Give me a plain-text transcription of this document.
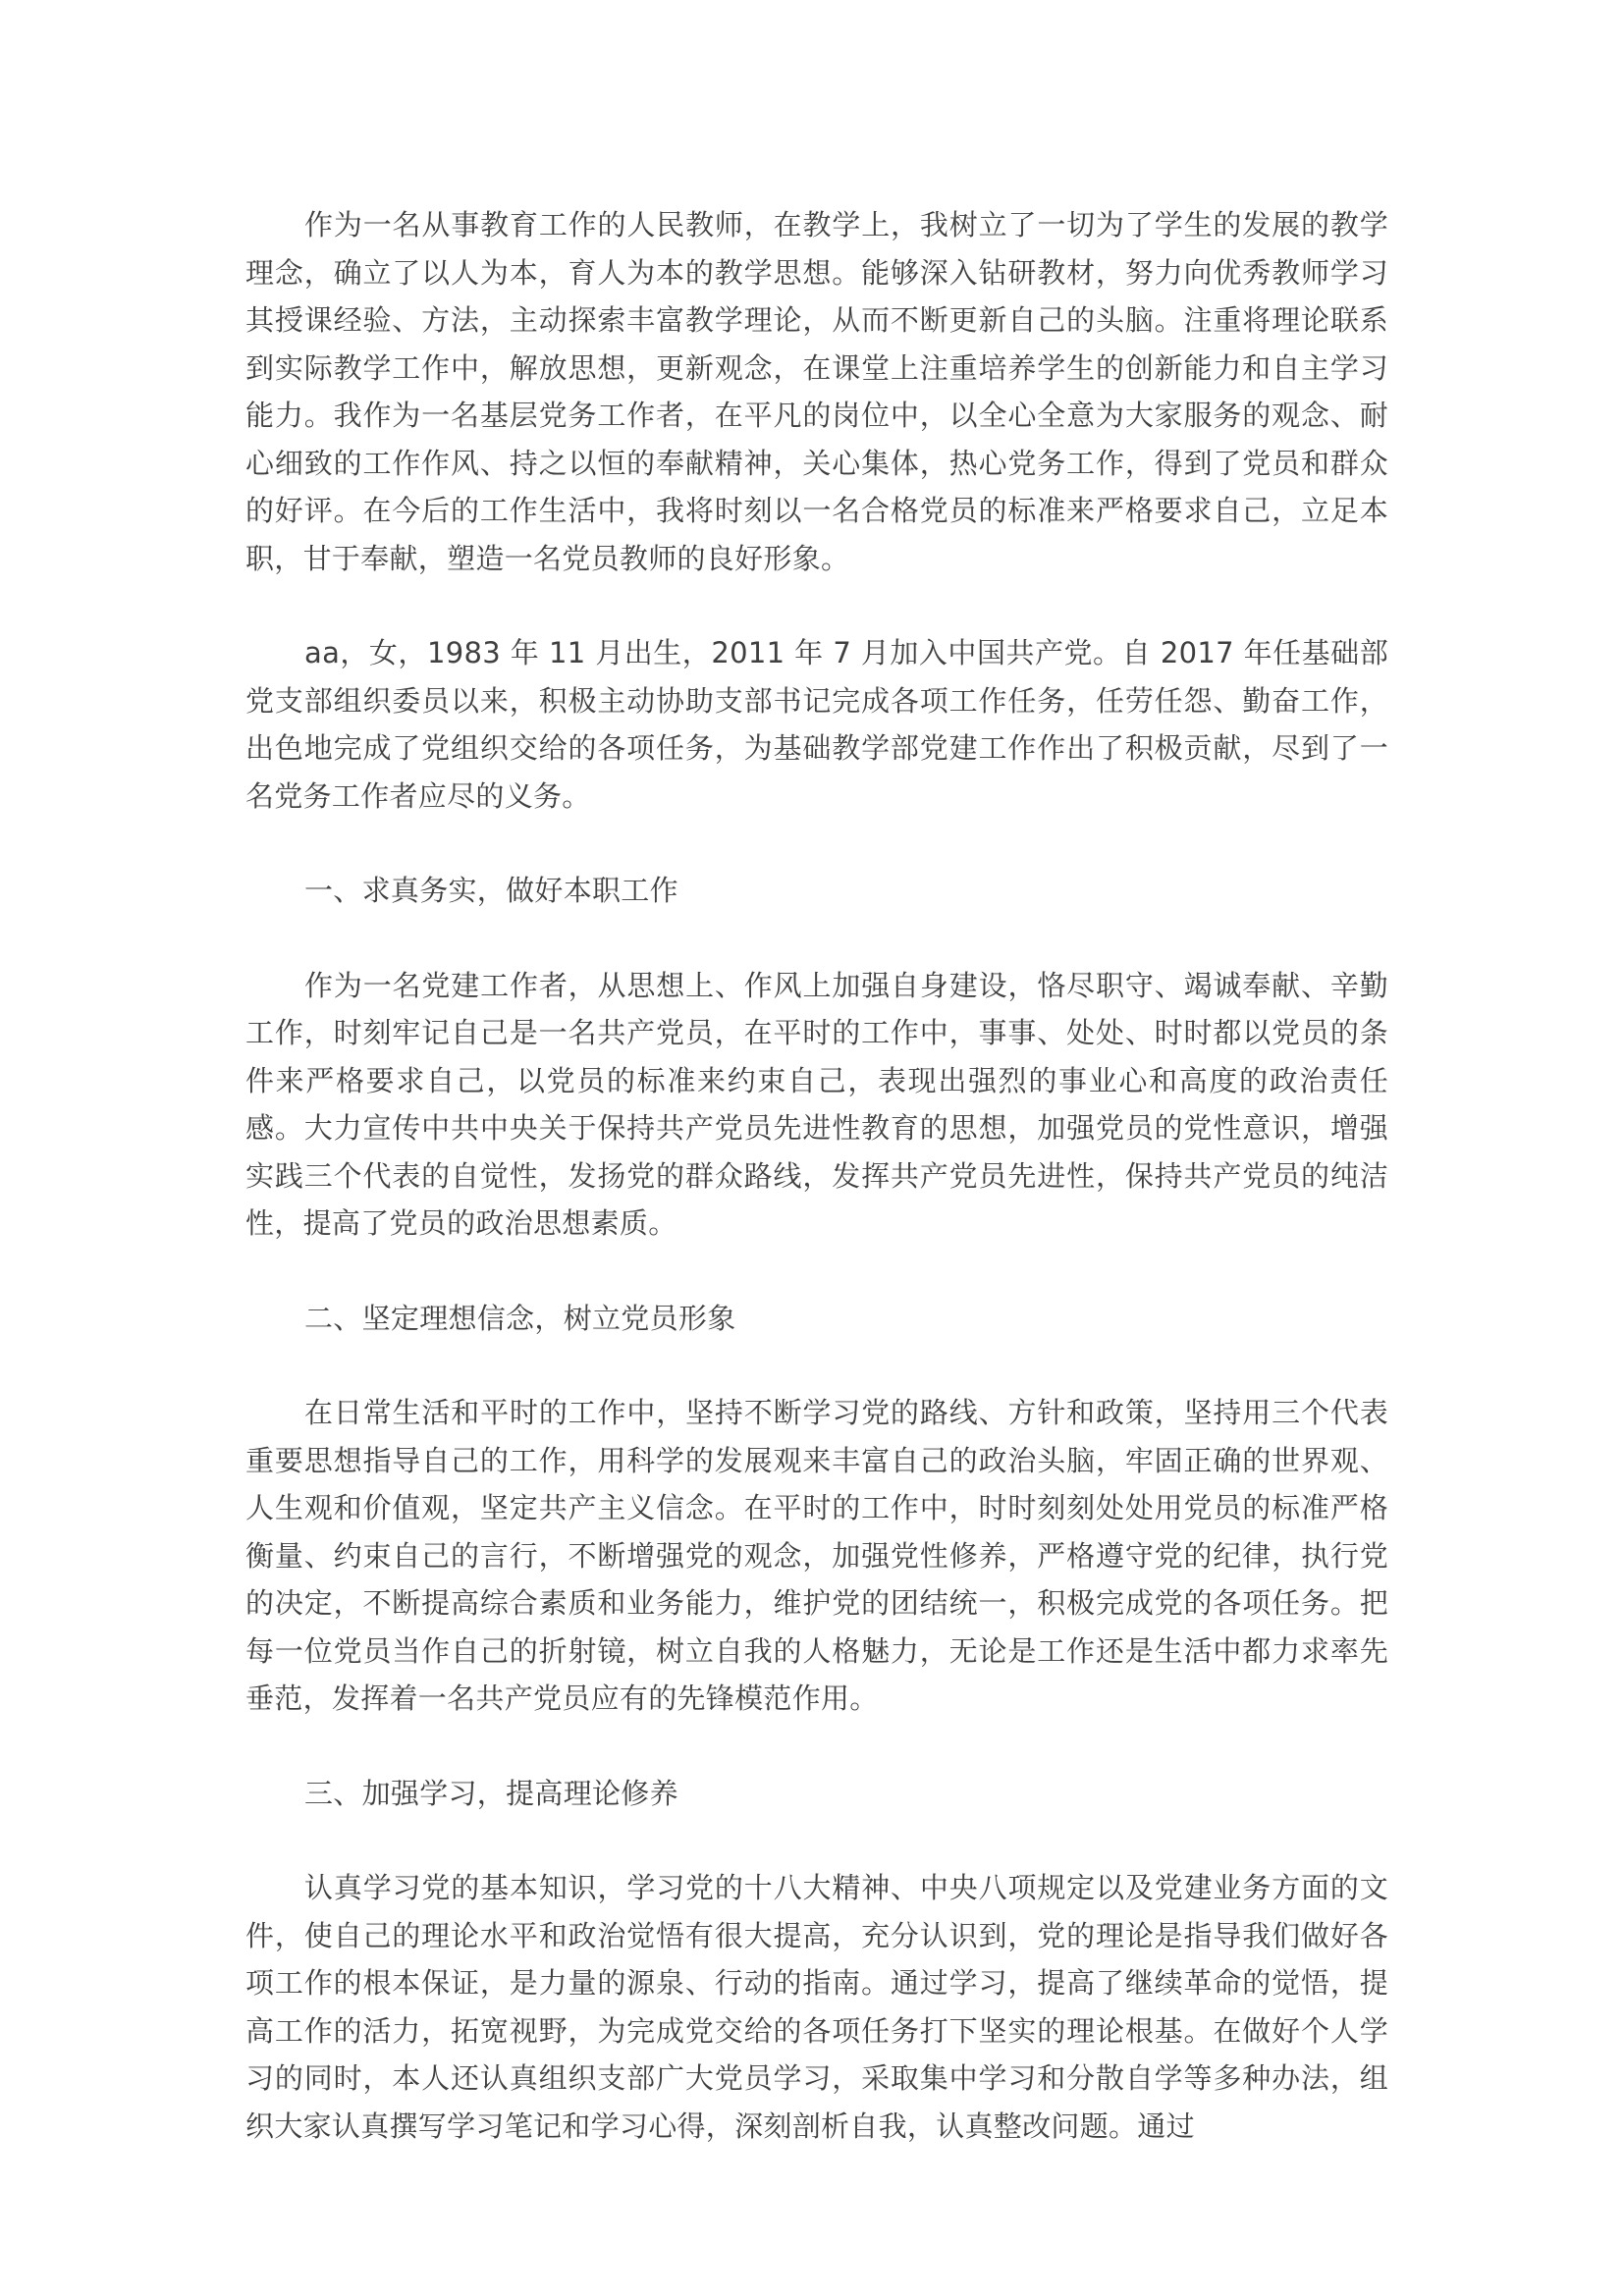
作为一名从事教育工作的人民教师，在教学上，我树立了一切为了学生的发展的教学理念，确立了以人为本，育人为本的教学思想。能够深入钻研教材，努力向优秀教师学习其授课经验、方法，主动探索丰富教学理论，从而不断更新自己的头脑。注重将理论联系到实际教学工作中，解放思想，更新观念，在课堂上注重培养学生的创新能力和自主学习能力。我作为一名基层党务工作者，在平凡的岗位中，以全心全意为大家服务的观念、耐心细致的工作作风、持之以恒的奉献精神，关心集体，热心党务工作，得到了党员和群众的好评。在今后的工作生活中，我将时刻以一名合格党员的标准来严格要求自己，立足本职，甘于奉献，塑造一名党员教师的良好形象。

aa，女，1983 年 11 月出生，2011 年 7 月加入中国共产党。自 2017 年任基础部党支部组织委员以来，积极主动协助支部书记完成各项工作任务，任劳任怨、勤奋工作，出色地完成了党组织交给的各项任务，为基础教学部党建工作作出了积极贡献，尽到了一名党务工作者应尽的义务。

一、求真务实，做好本职工作

作为一名党建工作者，从思想上、作风上加强自身建设，恪尽职守、竭诚奉献、辛勤工作，时刻牢记自己是一名共产党员，在平时的工作中，事事、处处、时时都以党员的条件来严格要求自己，以党员的标准来约束自己，表现出强烈的事业心和高度的政治责任感。大力宣传中共中央关于保持共产党员先进性教育的思想，加强党员的党性意识，增强实践三个代表的自觉性，发扬党的群众路线，发挥共产党员先进性，保持共产党员的纯洁性，提高了党员的政治思想素质。

二、坚定理想信念，树立党员形象

在日常生活和平时的工作中，坚持不断学习党的路线、方针和政策，坚持用三个代表重要思想指导自己的工作，用科学的发展观来丰富自己的政治头脑，牢固正确的世界观、人生观和价值观，坚定共产主义信念。在平时的工作中，时时刻刻处处用党员的标准严格衡量、约束自己的言行，不断增强党的观念，加强党性修养，严格遵守党的纪律，执行党的决定，不断提高综合素质和业务能力，维护党的团结统一，积极完成党的各项任务。把每一位党员当作自己的折射镜，树立自我的人格魅力，无论是工作还是生活中都力求率先垂范，发挥着一名共产党员应有的先锋模范作用。

三、加强学习，提高理论修养

认真学习党的基本知识，学习党的十八大精神、中央八项规定以及党建业务方面的文件，使自己的理论水平和政治觉悟有很大提高，充分认识到，党的理论是指导我们做好各项工作的根本保证，是力量的源泉、行动的指南。通过学习，提高了继续革命的觉悟，提高工作的活力，拓宽视野，为完成党交给的各项任务打下坚实的理论根基。在做好个人学习的同时，本人还认真组织支部广大党员学习，采取集中学习和分散自学等多种办法，组织大家认真撰写学习笔记和学习心得，深刻剖析自我，认真整改问题。通过
